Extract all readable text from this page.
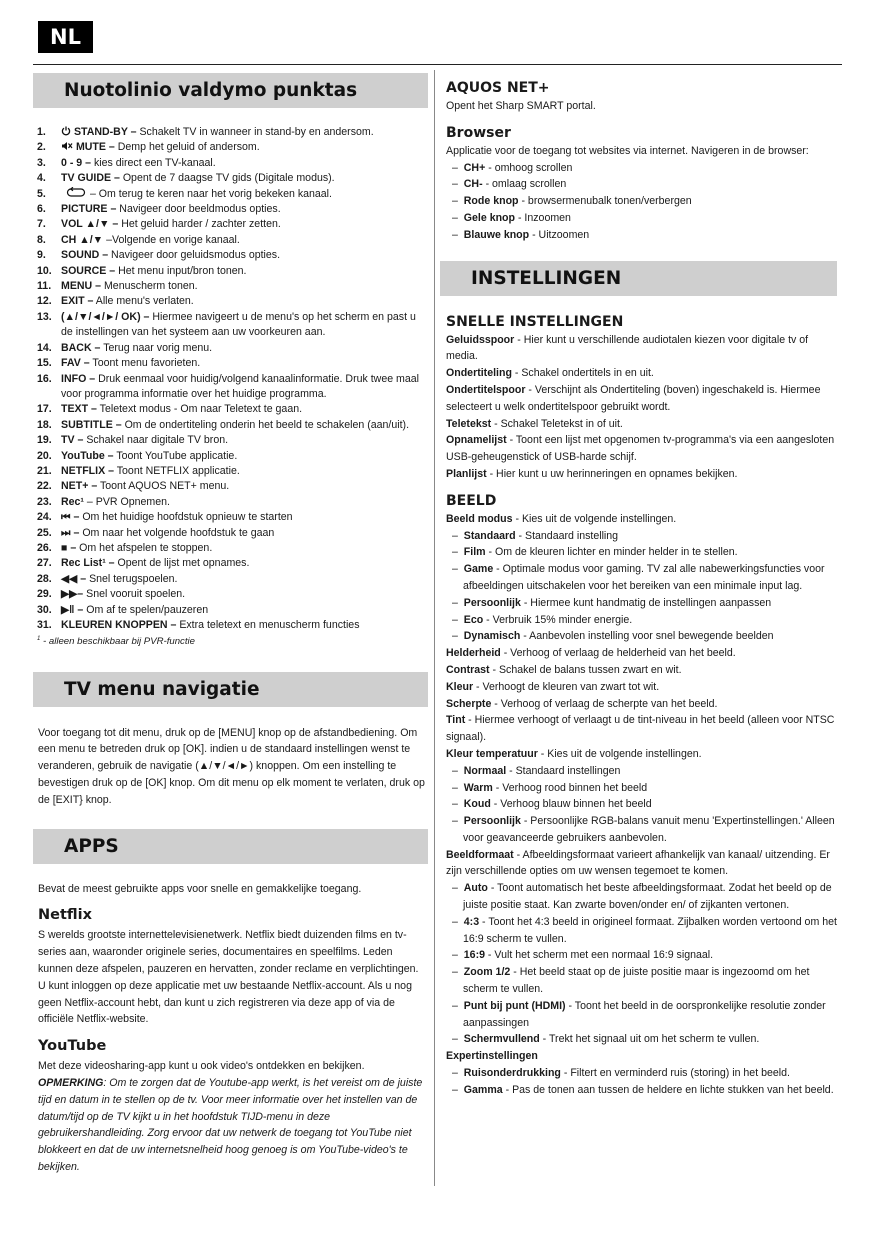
NL
Nuotolinio valdymo punktas
1.	STAND-BY – Schakelt TV in wanneer in stand-by en andersom.
2.	MUTE – Demp het geluid of andersom.
3.	0 - 9 – kies direct een TV-kanaal.
4.	TV GUIDE – Opent de 7 daagse TV gids (Digitale modus).
5.	– Om terug te keren naar het vorig bekeken kanaal.
6.	PICTURE – Navigeer door beeldmodus opties.
7.	VOL ▲/▼ – Het geluid harder / zachter zetten.
8.	CH ▲/▼ –Volgende en vorige kanaal.
9.	SOUND – Navigeer door geluidsmodus opties.
10. SOURCE – Het menu input/bron tonen.
11. MENU – Menuscherm tonen.
12. EXIT – Alle menu's verlaten.
13. (▲/▼/◄/►/ OK) – Hiermee navigeert u de menu's op het scherm en past u de instellingen van het systeem aan uw voorkeuren aan.
14. BACK – Terug naar vorig menu.
15. FAV – Toont menu favorieten.
16. INFO – Druk eenmaal voor huidig/volgend kanaalinformatie. Druk twee maal voor programma informatie over het huidige programma.
17. TEXT – Teletext modus - Om naar Teletext te gaan.
18. SUBTITLE – Om de ondertiteling onderin het beeld te schakelen (aan/uit).
19. TV – Schakel naar digitale TV bron.
20. YouTube – Toont YouTube applicatie.
21. NETFLIX – Toont NETFLIX applicatie.
22. NET+ – Toont AQUOS NET+ menu.
23. Rec¹ – PVR Opnemen.
24. ⏮ – Om het huidige hoofdstuk opnieuw te starten
25. ⏭ – Om naar het volgende hoofdstuk te gaan
26. ■ – Om het afspelen te stoppen.
27. Rec List¹ – Opent de lijst met opnames.
28. ◀◀ – Snel terugspoelen.
29. ▶▶– Snel vooruit spoelen.
30. ▶‖ – Om af te spelen/pauzeren
31. KLEUREN KNOPPEN – Extra teletext en menuscherm functies
$^1$ - alleen beschikbaar bij PVR-functie
TV menu navigatie
Voor toegang tot dit menu, druk op de [MENU] knop op de afstandbediening. Om een menu te betreden druk op [OK]. indien u de standaard instellingen wenst te veranderen, gebruik de navigatie (▲/▼/◄/►) knoppen. Om een instelling te bevestigen druk op de [OK] knop. Om dit menu op elk moment te verlaten, druk op de [EXIT} knop.
APPS
Bevat de meest gebruikte apps voor snelle en gemakkelijke toegang.
Netflix
S werelds grootste internettelevisienetwerk. Netflix biedt duizenden films en tv-series aan, waaronder originele series, documentaires en speelfilms. Leden kunnen deze afspelen, pauzeren en hervatten, zonder reclame en verplichtingen. U kunt inloggen op deze applicatie met uw bestaande Netflix-account. Als u nog geen Netflix-account hebt, dan kunt u zich registreren via deze app of via de officiële Netflix-website.
YouTube
Met deze videosharing-app kunt u ook video's ontdekken en bekijken.
OPMERKING: Om te zorgen dat de Youtube-app werkt, is het vereist om de juiste tijd en datum in te stellen op de tv. Voor meer informatie over het instellen van de datum/tijd op de TV kijkt u in het hoofdstuk TIJD-menu in deze gebruikershandleiding. Zorg ervoor dat uw netwerk de toegang tot YouTube niet blokkeert en dat de uw internetsnelheid hoog genoeg is om YouTube-video's te bekijken.
AQUOS NET+
Opent het Sharp SMART portal.
Browser
Applicatie voor de toegang tot websites via internet. Navigeren in de browser:
–  CH+ - omhoog scrollen
–  CH- - omlaag scrollen
–  Rode knop - browsermenubalk tonen/verbergen
–  Gele knop - Inzoomen
–  Blauwe knop - Uitzoomen
INSTELLINGEN
SNELLE INSTELLINGEN
Geluidsspoor - Hier kunt u verschillende audiotalen kiezen voor digitale tv of media.
Ondertiteling - Schakel ondertitels in en uit.
Ondertitelspoor - Verschijnt als Ondertiteling (boven) ingeschakeld is. Hiermee selecteert u welk ondertitelspoor gebruikt wordt.
Teletekst - Schakel Teletekst in of uit.
Opnamelijst - Toont een lijst met opgenomen tv-programma's via een aangesloten USB-geheugenstick of USB-harde schijf.
Planlijst - Hier kunt u uw herinneringen en opnames bekijken.
BEELD
Beeld modus - Kies uit de volgende instellingen.
–  Standaard - Standaard instelling
–  Film - Om de kleuren lichter en minder helder in te stellen.
–  Game - Optimale modus voor gaming. TV zal alle nabewerkingsfuncties voor afbeeldingen uitschakelen voor het bereiken van een minimale input lag.
–  Persoonlijk - Hiermee kunt handmatig de instellingen aanpassen
–  Eco - Verbruik 15% minder energie.
–  Dynamisch - Aanbevolen instelling voor snel bewegende beelden
Helderheid - Verhoog of verlaag de helderheid van het beeld.
Contrast - Schakel de balans tussen zwart en wit.
Kleur - Verhoogt de kleuren van zwart tot wit.
Scherpte - Verhoog of verlaag de scherpte van het beeld.
Tint - Hiermee verhoogt of verlaagt u de tint-niveau in het beeld (alleen voor NTSC signaal).
Kleur temperatuur - Kies uit de volgende instellingen.
–  Normaal - Standaard instellingen
–  Warm - Verhoog rood binnen het beeld
–  Koud - Verhoog blauw binnen het beeld
–  Persoonlijk - Persoonlijke RGB-balans vanuit menu 'Expertinstellingen.' Alleen voor geavanceerde gebruikers aanbevolen.
Beeldformaat - Afbeeldingsformaat varieert afhankelijk van kanaal/ uitzending. Er zijn verschillende opties om uw wensen tegemoet te komen.
–  Auto - Toont automatisch het beste afbeeldingsformaat. Zodat het beeld op de juiste positie staat. Kan zwarte boven/onder en/ of zijkanten vertonen.
–  4:3 - Toont het 4:3 beeld in origineel formaat. Zijbalken worden vertoond om het 16:9 scherm te vullen.
–  16:9 - Vult het scherm met een normaal 16:9 signaal.
–  Zoom 1/2 - Het beeld staat op de juiste positie maar is ingezoomd om het scherm te vullen.
–  Punt bij punt (HDMI) - Toont het beeld in de oorspronkelijke resolutie zonder aanpassingen
–  Schermvullend - Trekt het signaal uit om het scherm te vullen.
Expertinstellingen
–  Ruisonderdrukking - Filtert en verminderd ruis (storing) in het beeld.
–  Gamma - Pas de tonen aan tussen de heldere en lichte stukken van het beeld.
